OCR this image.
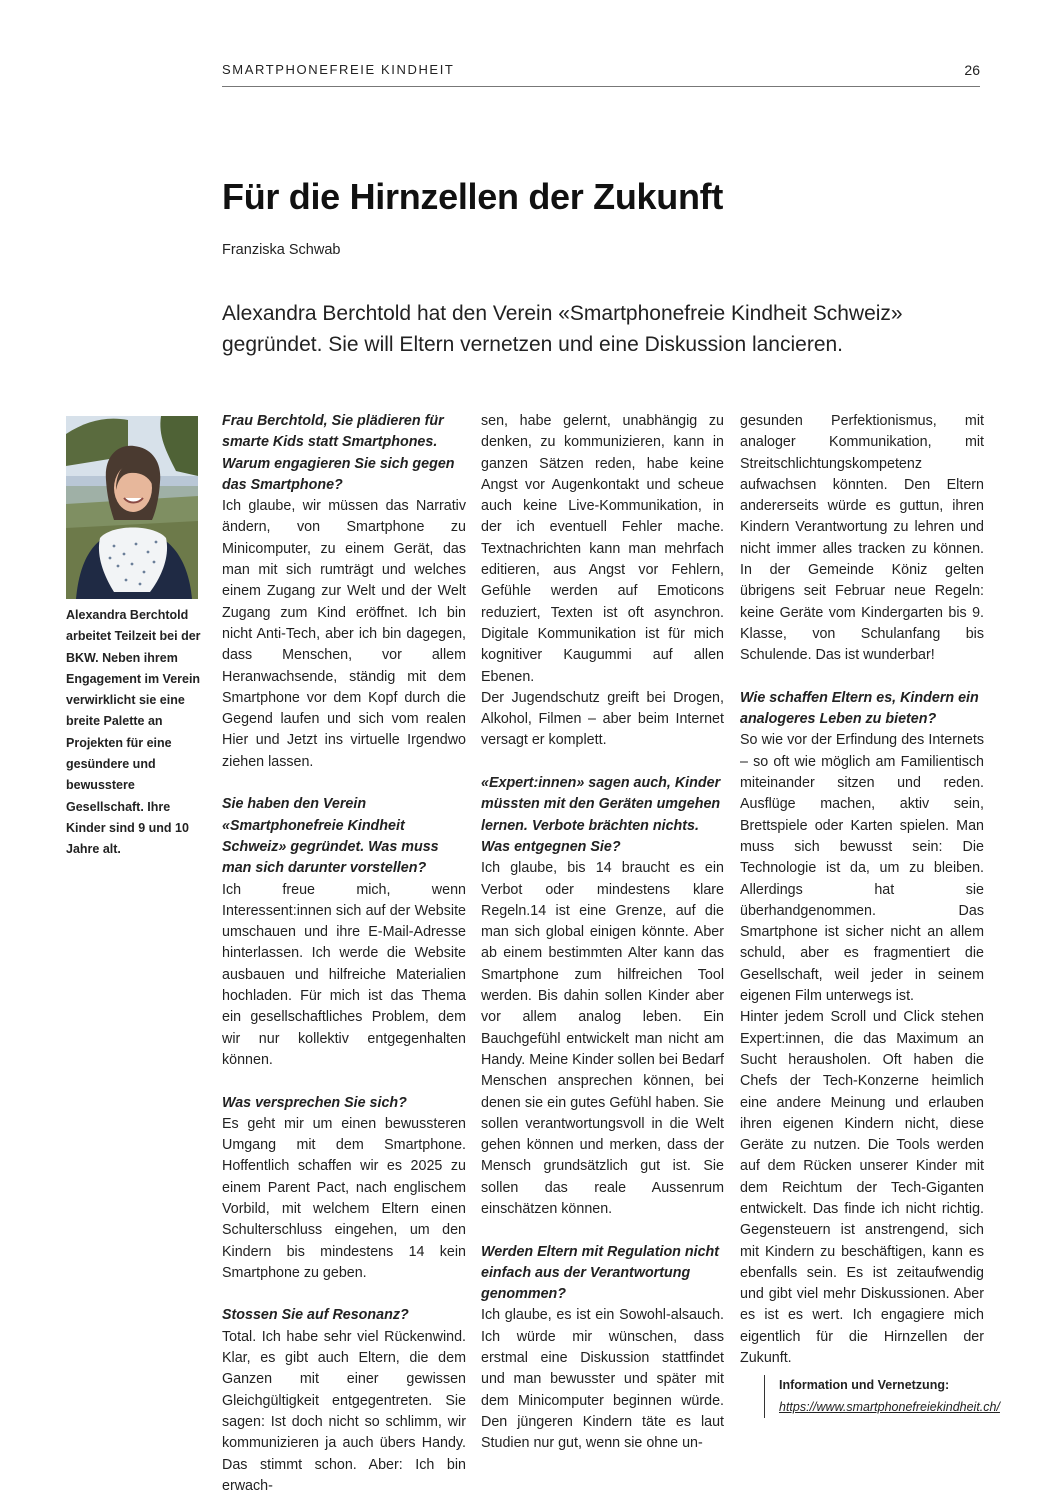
SMARTPHONEFREIE KINDHEIT	26
Für die Hirnzellen der Zukunft
Franziska Schwab

Alexandra Berchtold hat den Verein «Smartphonefreie Kindheit Schweiz» gegründet. Sie will Eltern vernetzen und eine Diskussion lancieren.

Alexandra Berchtold arbeitet Teilzeit bei der BKW. Neben ihrem Engagement im Verein verwirklicht sie eine breite Palette an Projekten für eine gesündere und bewusstere Gesellschaft. Ihre Kinder sind 9 und 10 Jahre alt.

Frau Berchtold, Sie plädieren für smarte Kids statt Smartphones. Warum engagieren Sie sich gegen das Smartphone?

Ich glaube, wir müssen das Narrativ ändern, von Smartphone zu Minicomputer, zu einem Gerät, das man mit sich rumträgt und welches einem Zugang zur Welt und der Welt Zugang zum Kind eröffnet. Ich bin nicht Anti-Tech, aber ich bin dagegen, dass Menschen, vor allem Heranwachsende, ständig mit dem Smartphone vor dem Kopf durch die Gegend laufen und sich vom realen Hier und Jetzt ins virtuelle Irgendwo ziehen lassen.

Sie haben den Verein «Smartphonefreie Kindheit Schweiz» gegründet. Was muss man sich darunter vorstellen?

Ich freue mich, wenn Interessent:innen sich auf der Website umschauen und ihre E-Mail-Adresse hinterlassen. Ich werde die Website ausbauen und hilfreiche Materialien hochladen. Für mich ist das Thema ein gesellschaftliches Problem, dem wir nur kollektiv entgegenhalten können.

Was versprechen Sie sich?

Es geht mir um einen bewussteren Umgang mit dem Smartphone. Hoffentlich schaffen wir es 2025 zu einem Parent Pact, nach englischem Vorbild, mit welchem Eltern einen Schulterschluss eingehen, um den Kindern bis mindestens 14 kein Smartphone zu geben.

Stossen Sie auf Resonanz?

Total. Ich habe sehr viel Rückenwind. Klar, es gibt auch Eltern, die dem Ganzen mit einer gewissen Gleichgültigkeit entgegentreten. Sie sagen: Ist doch nicht so schlimm, wir kommunizieren ja auch übers Handy. Das stimmt schon. Aber: Ich bin erwach-

sen, habe gelernt, unabhängig zu denken, zu kommunizieren, kann in ganzen Sätzen reden, habe keine Angst vor Augenkontakt und scheue auch keine Live-Kommunikation, in der ich eventuell Fehler mache. Textnachrichten kann man mehrfach editieren, aus Angst vor Fehlern, Gefühle werden auf Emoticons reduziert, Texten ist oft asynchron. Digitale Kommunikation ist für mich kognitiver Kaugummi auf allen Ebenen.

Der Jugendschutz greift bei Drogen, Alkohol, Filmen – aber beim Internet versagt er komplett.

«Expert:innen» sagen auch, Kinder müssten mit den Geräten umgehen lernen. Verbote brächten nichts. Was entgegnen Sie?

Ich glaube, bis 14 braucht es ein Verbot oder mindestens klare Regeln.14 ist eine Grenze, auf die man sich global einigen könnte. Aber ab einem bestimmten Alter kann das Smartphone zum hilfreichen Tool werden. Bis dahin sollen Kinder aber vor allem analog leben. Ein Bauchgefühl entwickelt man nicht am Handy. Meine Kinder sollen bei Bedarf Menschen ansprechen können, bei denen sie ein gutes Gefühl haben. Sie sollen verantwortungsvoll in die Welt gehen können und merken, dass der Mensch grundsätzlich gut ist. Sie sollen das reale Aussenrum einschätzen können.

Werden Eltern mit Regulation nicht einfach aus der Verantwortung genommen?

Ich glaube, es ist ein Sowohl-alsauch. Ich würde mir wünschen, dass erstmal eine Diskussion stattfindet und man bewusster und später mit dem Minicomputer beginnen würde. Den jüngeren Kindern täte es laut Studien nur gut, wenn sie ohne un-

gesunden Perfektionismus, mit analoger Kommunikation, mit Streitschlichtungskompetenz aufwachsen könnten. Den Eltern andererseits würde es guttun, ihren Kindern Verantwortung zu lehren und nicht immer alles tracken zu können. In der Gemeinde Köniz gelten übrigens seit Februar neue Regeln: keine Geräte vom Kindergarten bis 9. Klasse, von Schulanfang bis Schulende. Das ist wunderbar!

Wie schaffen Eltern es, Kindern ein analogeres Leben zu bieten?

So wie vor der Erfindung des Internets – so oft wie möglich am Familientisch miteinander sitzen und reden. Ausflüge machen, aktiv sein, Brettspiele oder Karten spielen. Man muss sich bewusst sein: Die Technologie ist da, um zu bleiben. Allerdings hat sie überhandgenommen. Das Smartphone ist sicher nicht an allem schuld, aber es fragmentiert die Gesellschaft, weil jeder in seinem eigenen Film unterwegs ist.

Hinter jedem Scroll und Click stehen Expert:innen, die das Maximum an Sucht herausholen. Oft haben die Chefs der Tech-Konzerne heimlich eine andere Meinung und erlauben ihren eigenen Kindern nicht, diese Geräte zu nutzen. Die Tools werden auf dem Rücken unserer Kinder mit dem Reichtum der Tech-Giganten entwickelt. Das finde ich nicht richtig. Gegensteuern ist anstrengend, sich mit Kindern zu beschäftigen, kann es ebenfalls sein. Es ist zeitaufwendig und gibt viel mehr Diskussionen. Aber es ist es wert. Ich engagiere mich eigentlich für die Hirnzellen der Zukunft.

Information und Vernetzung:
https://www.smartphonefreiekindheit.ch/
